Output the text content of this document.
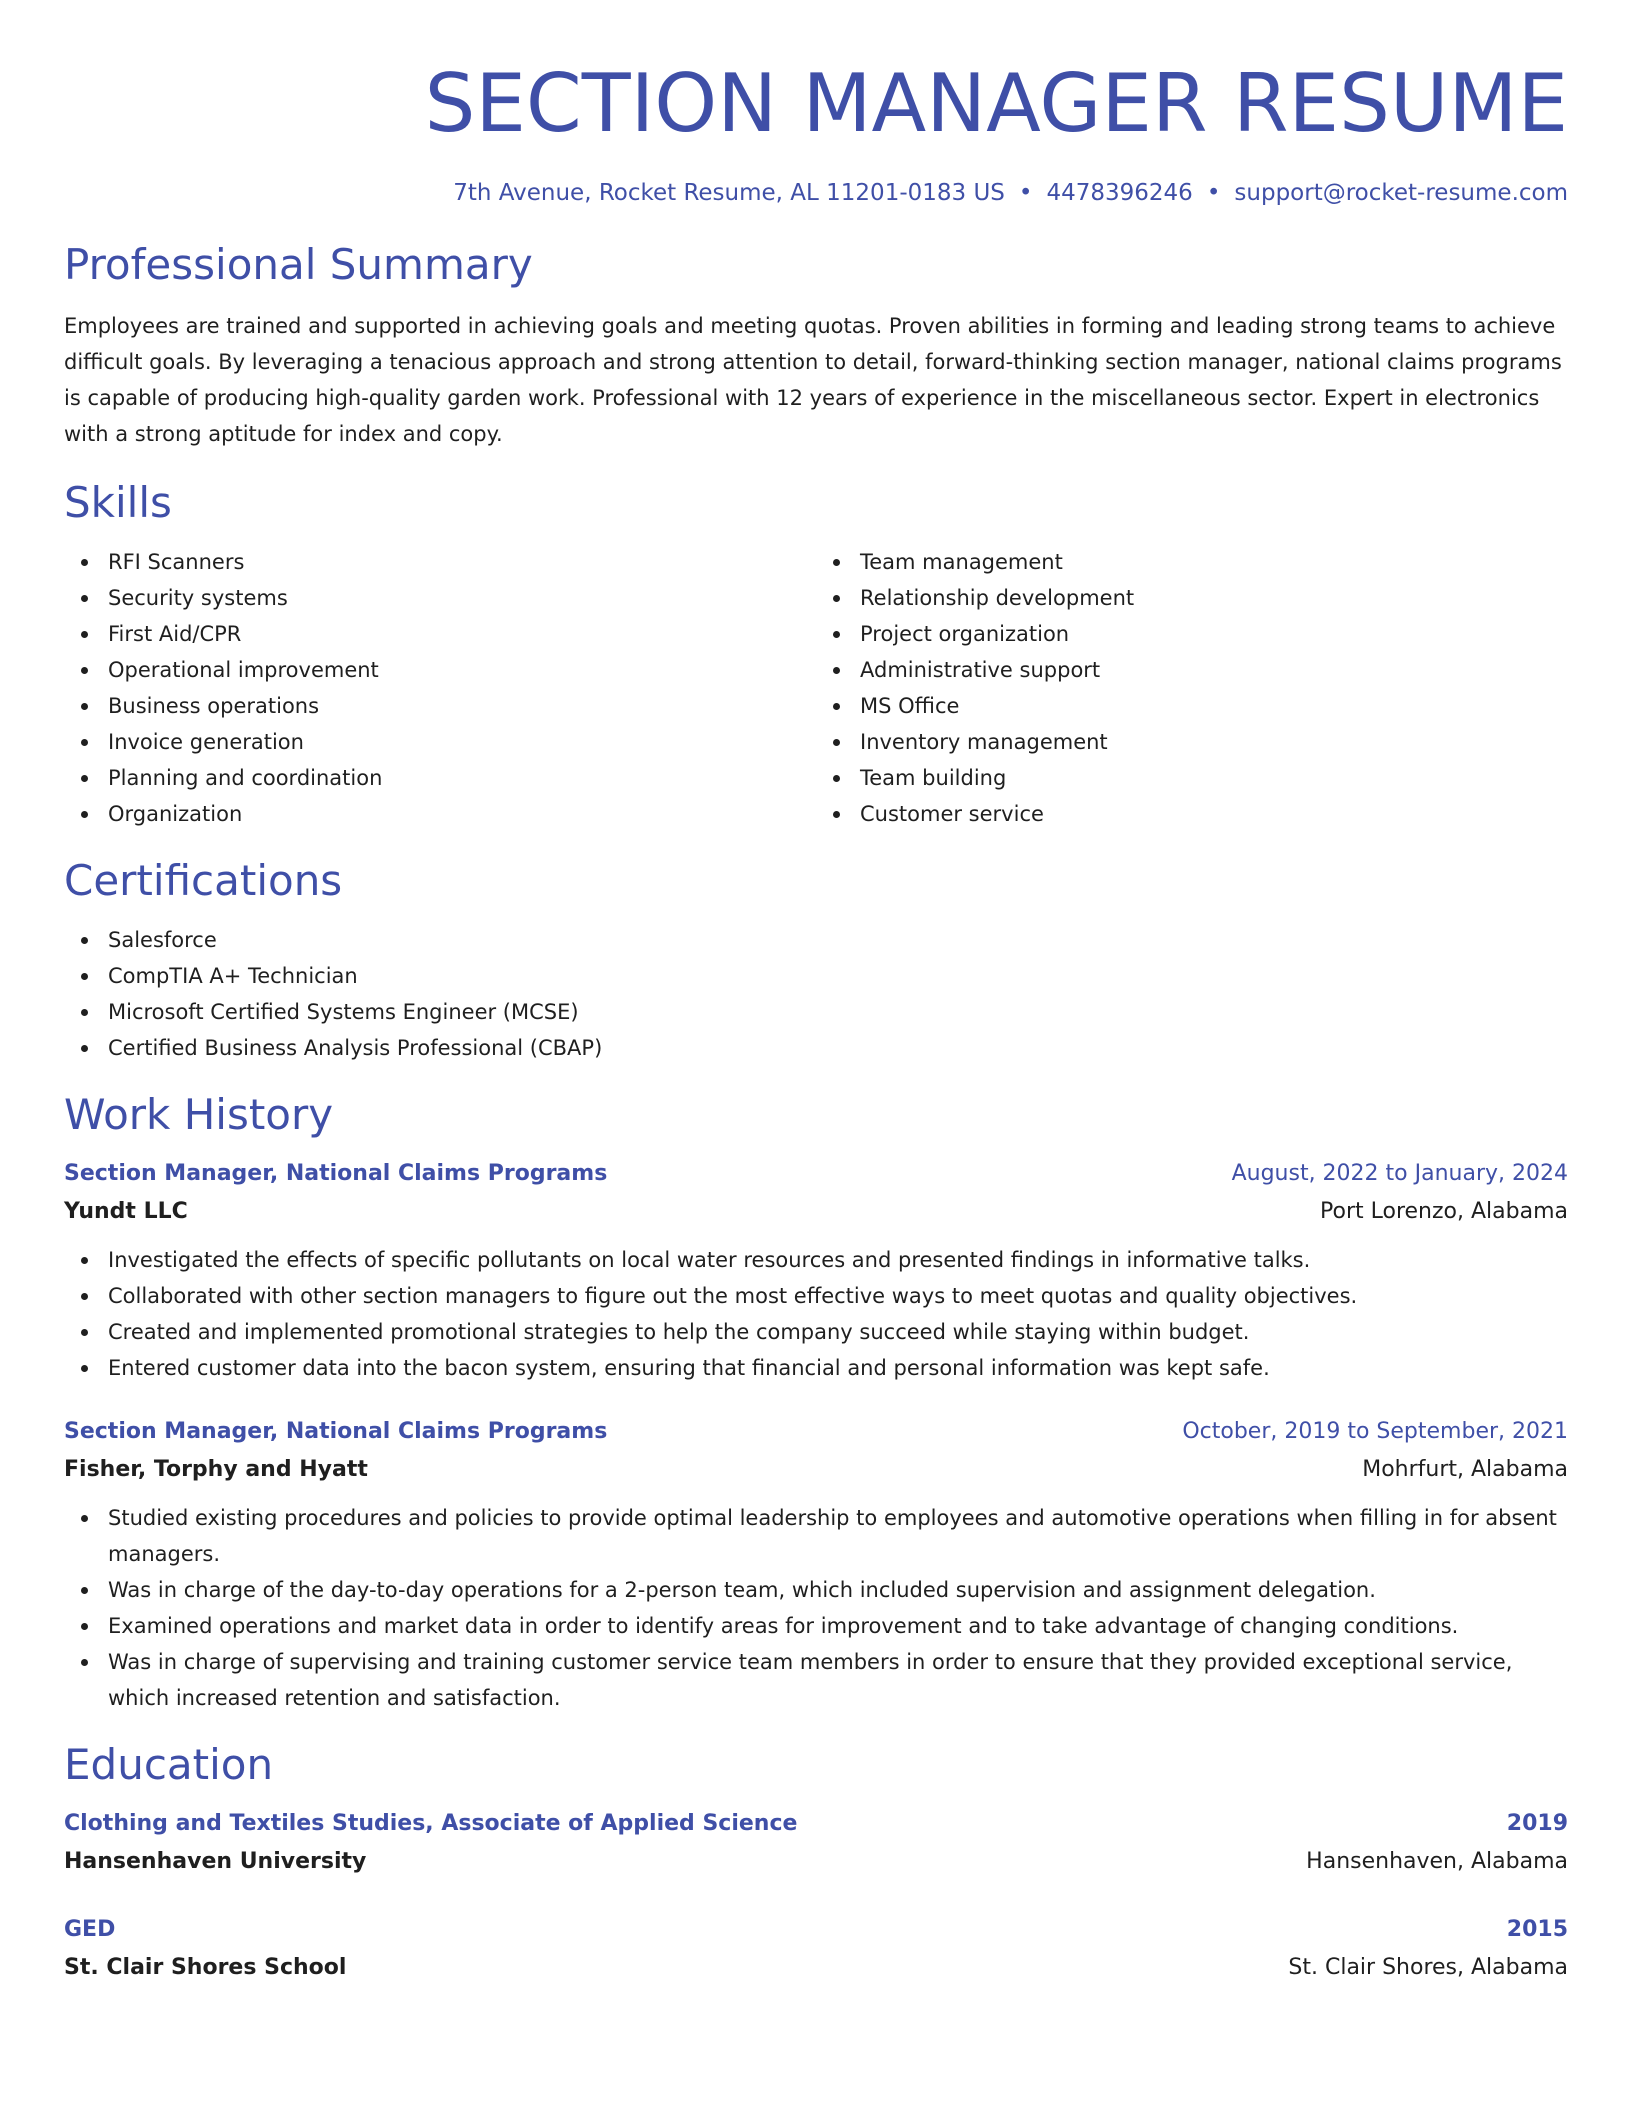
SECTION MANAGER RESUME
7th Avenue, Rocket Resume, AL 11201-0183 US • 4478396246 • support@rocket-resume.com
Professional Summary

Employees are trained and supported in achieving goals and meeting quotas. Proven abilities in forming and leading strong teams to achieve difficult goals. By leveraging a tenacious approach and strong attention to detail, forward-thinking section manager, national claims programs is capable of producing high-quality garden work. Professional with 12 years of experience in the miscellaneous sector. Expert in electronics with a strong aptitude for index and copy.

Skills
RFI Scanners
Security systems
First Aid/CPR
Operational improvement
Business operations
Invoice generation
Planning and coordination
Organization
Team management
Relationship development
Project organization
Administrative support
MS Office
Inventory management
Team building
Customer service
Certifications
Salesforce
CompTIA A+ Technician
Microsoft Certified Systems Engineer (MCSE)
Certified Business Analysis Professional (CBAP)
Work History
Section Manager, National Claims Programs	August, 2022 to January, 2024
Yundt LLC	Port Lorenzo, Alabama
Investigated the effects of specific pollutants on local water resources and presented findings in informative talks.
Collaborated with other section managers to figure out the most effective ways to meet quotas and quality objectives.
Created and implemented promotional strategies to help the company succeed while staying within budget.
Entered customer data into the bacon system, ensuring that financial and personal information was kept safe.
Section Manager, National Claims Programs	October, 2019 to September, 2021
Fisher, Torphy and Hyatt	Mohrfurt, Alabama
Studied existing procedures and policies to provide optimal leadership to employees and automotive operations when filling in for absent managers.
Was in charge of the day-to-day operations for a 2-person team, which included supervision and assignment delegation.
Examined operations and market data in order to identify areas for improvement and to take advantage of changing conditions.
Was in charge of supervising and training customer service team members in order to ensure that they provided exceptional service, which increased retention and satisfaction.
Education
Clothing and Textiles Studies, Associate of Applied Science	2019
Hansenhaven University	Hansenhaven, Alabama
GED	2015
St. Clair Shores School	St. Clair Shores, Alabama
